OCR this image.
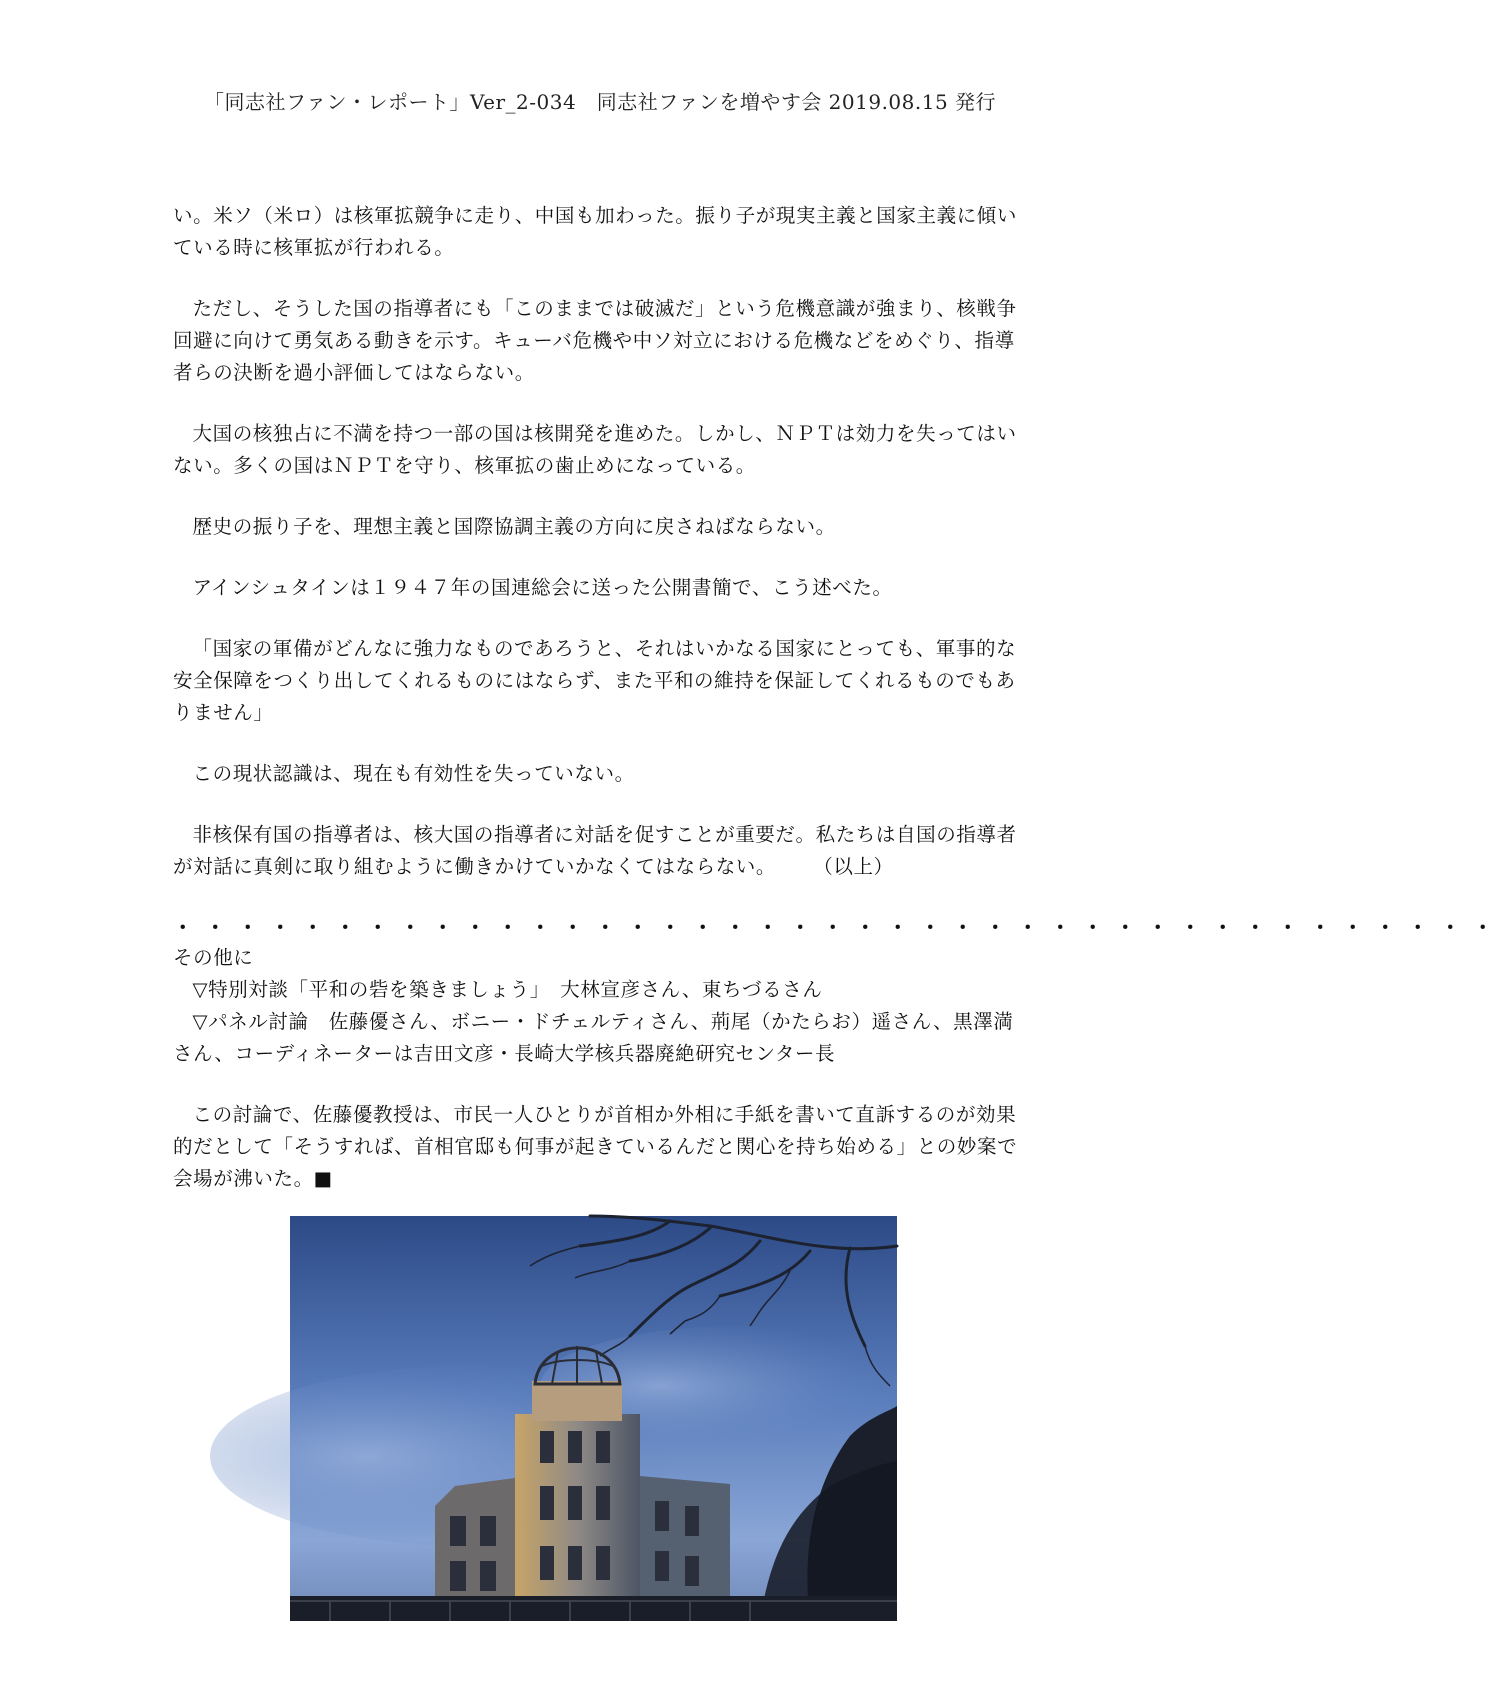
「同志社ファン・レポート」Ver_2-034　同志社ファンを増やす会 2019.08.15 発行

い。米ソ（米ロ）は核軍拡競争に走り、中国も加わった。振り子が現実主義と国家主義に傾いている時に核軍拡が行われる。

ただし、そうした国の指導者にも「このままでは破滅だ」という危機意識が強まり、核戦争回避に向けて勇気ある動きを示す。キューバ危機や中ソ対立における危機などをめぐり、指導者らの決断を過小評価してはならない。

大国の核独占に不満を持つ一部の国は核開発を進めた。しかし、ＮＰＴは効力を失ってはいない。多くの国はＮＰＴを守り、核軍拡の歯止めになっている。

歴史の振り子を、理想主義と国際協調主義の方向に戻さねばならない。

アインシュタインは１９４７年の国連総会に送った公開書簡で、こう述べた。

「国家の軍備がどんなに強力なものであろうと、それはいかなる国家にとっても、軍事的な安全保障をつくり出してくれるものにはならず、また平和の維持を保証してくれるものでもありません」

この現状認識は、現在も有効性を失っていない。

非核保有国の指導者は、核大国の指導者に対話を促すことが重要だ。私たちは自国の指導者が対話に真剣に取り組むように働きかけていかなくてはならない。　　 （以上）

・・・・・・・・・・・・・・・・・・・・・・・・・・・・・・・・・・・・・・・・・

その他に

▽特別対談「平和の砦を築きましょう」　大林宣彦さん、東ちづるさん

▽パネル討論　佐藤優さん、ボニー・ドチェルティさん、荊尾（かたらお）遥さん、黒澤満さん、コーディネーターは吉田文彦・長崎大学核兵器廃絶研究センター長

この討論で、佐藤優教授は、市民一人ひとりが首相か外相に手紙を書いて直訴するのが効果的だとして「そうすれば、首相官邸も何事が起きているんだと関心を持ち始める」との妙案で会場が沸いた。■
